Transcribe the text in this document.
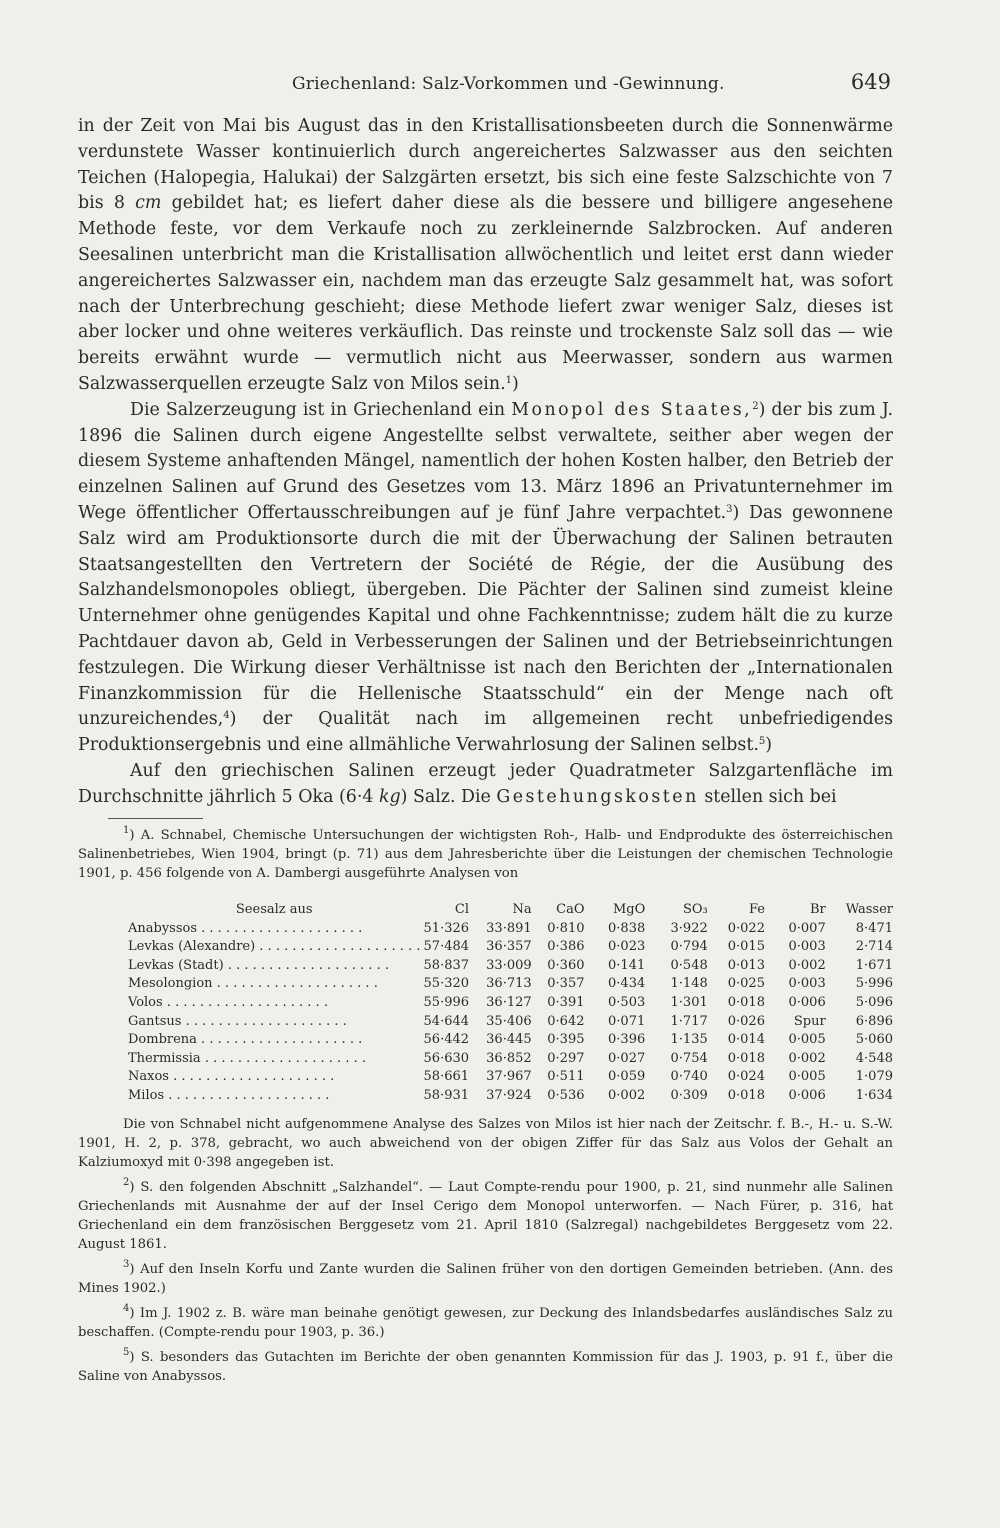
Griechenland: Salz-Vorkommen und -Gewinnung.	649

in der Zeit von Mai bis August das in den Kristallisationsbeeten durch die Sonnenwärme verdunstete Wasser kontinuierlich durch angereichertes Salzwasser aus den seichten Teichen (Halopegia, Halukai) der Salzgärten ersetzt, bis sich eine feste Salzschichte von 7 bis 8 cm gebildet hat; es liefert daher diese als die bessere und billigere angesehene Methode feste, vor dem Verkaufe noch zu zerkleinernde Salzbrocken. Auf anderen Seesalinen unterbricht man die Kristallisation allwöchentlich und leitet erst dann wieder angereichertes Salzwasser ein, nachdem man das erzeugte Salz gesammelt hat, was sofort nach der Unterbrechung geschieht; diese Methode liefert zwar weniger Salz, dieses ist aber locker und ohne weiteres verkäuflich. Das reinste und trockenste Salz soll das — wie bereits erwähnt wurde — vermutlich nicht aus Meerwasser, sondern aus warmen Salzwasserquellen erzeugte Salz von Milos sein.$^1$)

Die Salzerzeugung ist in Griechenland ein Monopol des Staates,$^2$) der bis zum J. 1896 die Salinen durch eigene Angestellte selbst verwaltete, seither aber wegen der diesem Systeme anhaftenden Mängel, namentlich der hohen Kosten halber, den Betrieb der einzelnen Salinen auf Grund des Gesetzes vom 13. März 1896 an Privatunternehmer im Wege öffentlicher Offertausschreibungen auf je fünf Jahre verpachtet.$^3$) Das gewonnene Salz wird am Produktionsorte durch die mit der Überwachung der Salinen betrauten Staatsangestellten den Vertretern der Société de Régie, der die Ausübung des Salzhandelsmonopoles obliegt, übergeben. Die Pächter der Salinen sind zumeist kleine Unternehmer ohne genügendes Kapital und ohne Fachkenntnisse; zudem hält die zu kurze Pachtdauer davon ab, Geld in Verbesserungen der Salinen und der Betriebseinrichtungen festzulegen. Die Wirkung dieser Verhältnisse ist nach den Berichten der „Internationalen Finanzkommission für die Hellenische Staatsschuld“ ein der Menge nach oft unzureichendes,$^4$) der Qualität nach im allgemeinen recht unbefriedigendes Produktionsergebnis und eine allmähliche Verwahrlosung der Salinen selbst.$^5$)

Auf den griechischen Salinen erzeugt jeder Quadratmeter Salzgartenfläche im Durchschnitte jährlich 5 Oka (6·4 kg) Salz. Die Gestehungskosten stellen sich bei

$^1$) A. Schnabel, Chemische Untersuchungen der wichtigsten Roh-, Halb- und Endprodukte des österreichischen Salinenbetriebes, Wien 1904, bringt (p. 71) aus dem Jahresberichte über die Leistungen der chemischen Technologie 1901, p. 456 folgende von A. Dambergi ausgeführte Analysen von

Seesalz aus	Cl	Na	CaO	MgO	SO₃	Fe	Br	Wasser
Anabyssos . . . . . . . . . . . . . . . . . . . .	51·326	33·891	0·810	0·838	3·922	0·022	0·007	8·471
Levkas (Alexandre) . . . . . . . . . . . . . . . . . . . .	57·484	36·357	0·386	0·023	0·794	0·015	0·003	2·714
Levkas (Stadt) . . . . . . . . . . . . . . . . . . . .	58·837	33·009	0·360	0·141	0·548	0·013	0·002	1·671
Mesolongion . . . . . . . . . . . . . . . . . . . .	55·320	36·713	0·357	0·434	1·148	0·025	0·003	5·996
Volos . . . . . . . . . . . . . . . . . . . .	55·996	36·127	0·391	0·503	1·301	0·018	0·006	5·096
Gantsus . . . . . . . . . . . . . . . . . . . .	54·644	35·406	0·642	0·071	1·717	0·026	Spur	6·896
Dombrena . . . . . . . . . . . . . . . . . . . .	56·442	36·445	0·395	0·396	1·135	0·014	0·005	5·060
Thermissia . . . . . . . . . . . . . . . . . . . .	56·630	36·852	0·297	0·027	0·754	0·018	0·002	4·548
Naxos . . . . . . . . . . . . . . . . . . . .	58·661	37·967	0·511	0·059	0·740	0·024	0·005	1·079
Milos . . . . . . . . . . . . . . . . . . . .	58·931	37·924	0·536	0·002	0·309	0·018	0·006	1·634

Die von Schnabel nicht aufgenommene Analyse des Salzes von Milos ist hier nach der Zeitschr. f. B.-, H.- u. S.-W. 1901, H. 2, p. 378, gebracht, wo auch abweichend von der obigen Ziffer für das Salz aus Volos der Gehalt an Kalziumoxyd mit 0·398 angegeben ist.

$^2$) S. den folgenden Abschnitt „Salzhandel“. — Laut Compte-rendu pour 1900, p. 21, sind nunmehr alle Salinen Griechenlands mit Ausnahme der auf der Insel Cerigo dem Monopol unterworfen. — Nach Fürer, p. 316, hat Griechenland ein dem französischen Berggesetz vom 21. April 1810 (Salzregal) nachgebildetes Berggesetz vom 22. August 1861.

$^3$) Auf den Inseln Korfu und Zante wurden die Salinen früher von den dortigen Gemeinden betrieben. (Ann. des Mines 1902.)

$^4$) Im J. 1902 z. B. wäre man beinahe genötigt gewesen, zur Deckung des Inlandsbedarfes ausländisches Salz zu beschaffen. (Compte-rendu pour 1903, p. 36.)

$^5$) S. besonders das Gutachten im Berichte der oben genannten Kommission für das J. 1903, p. 91 f., über die Saline von Anabyssos.
